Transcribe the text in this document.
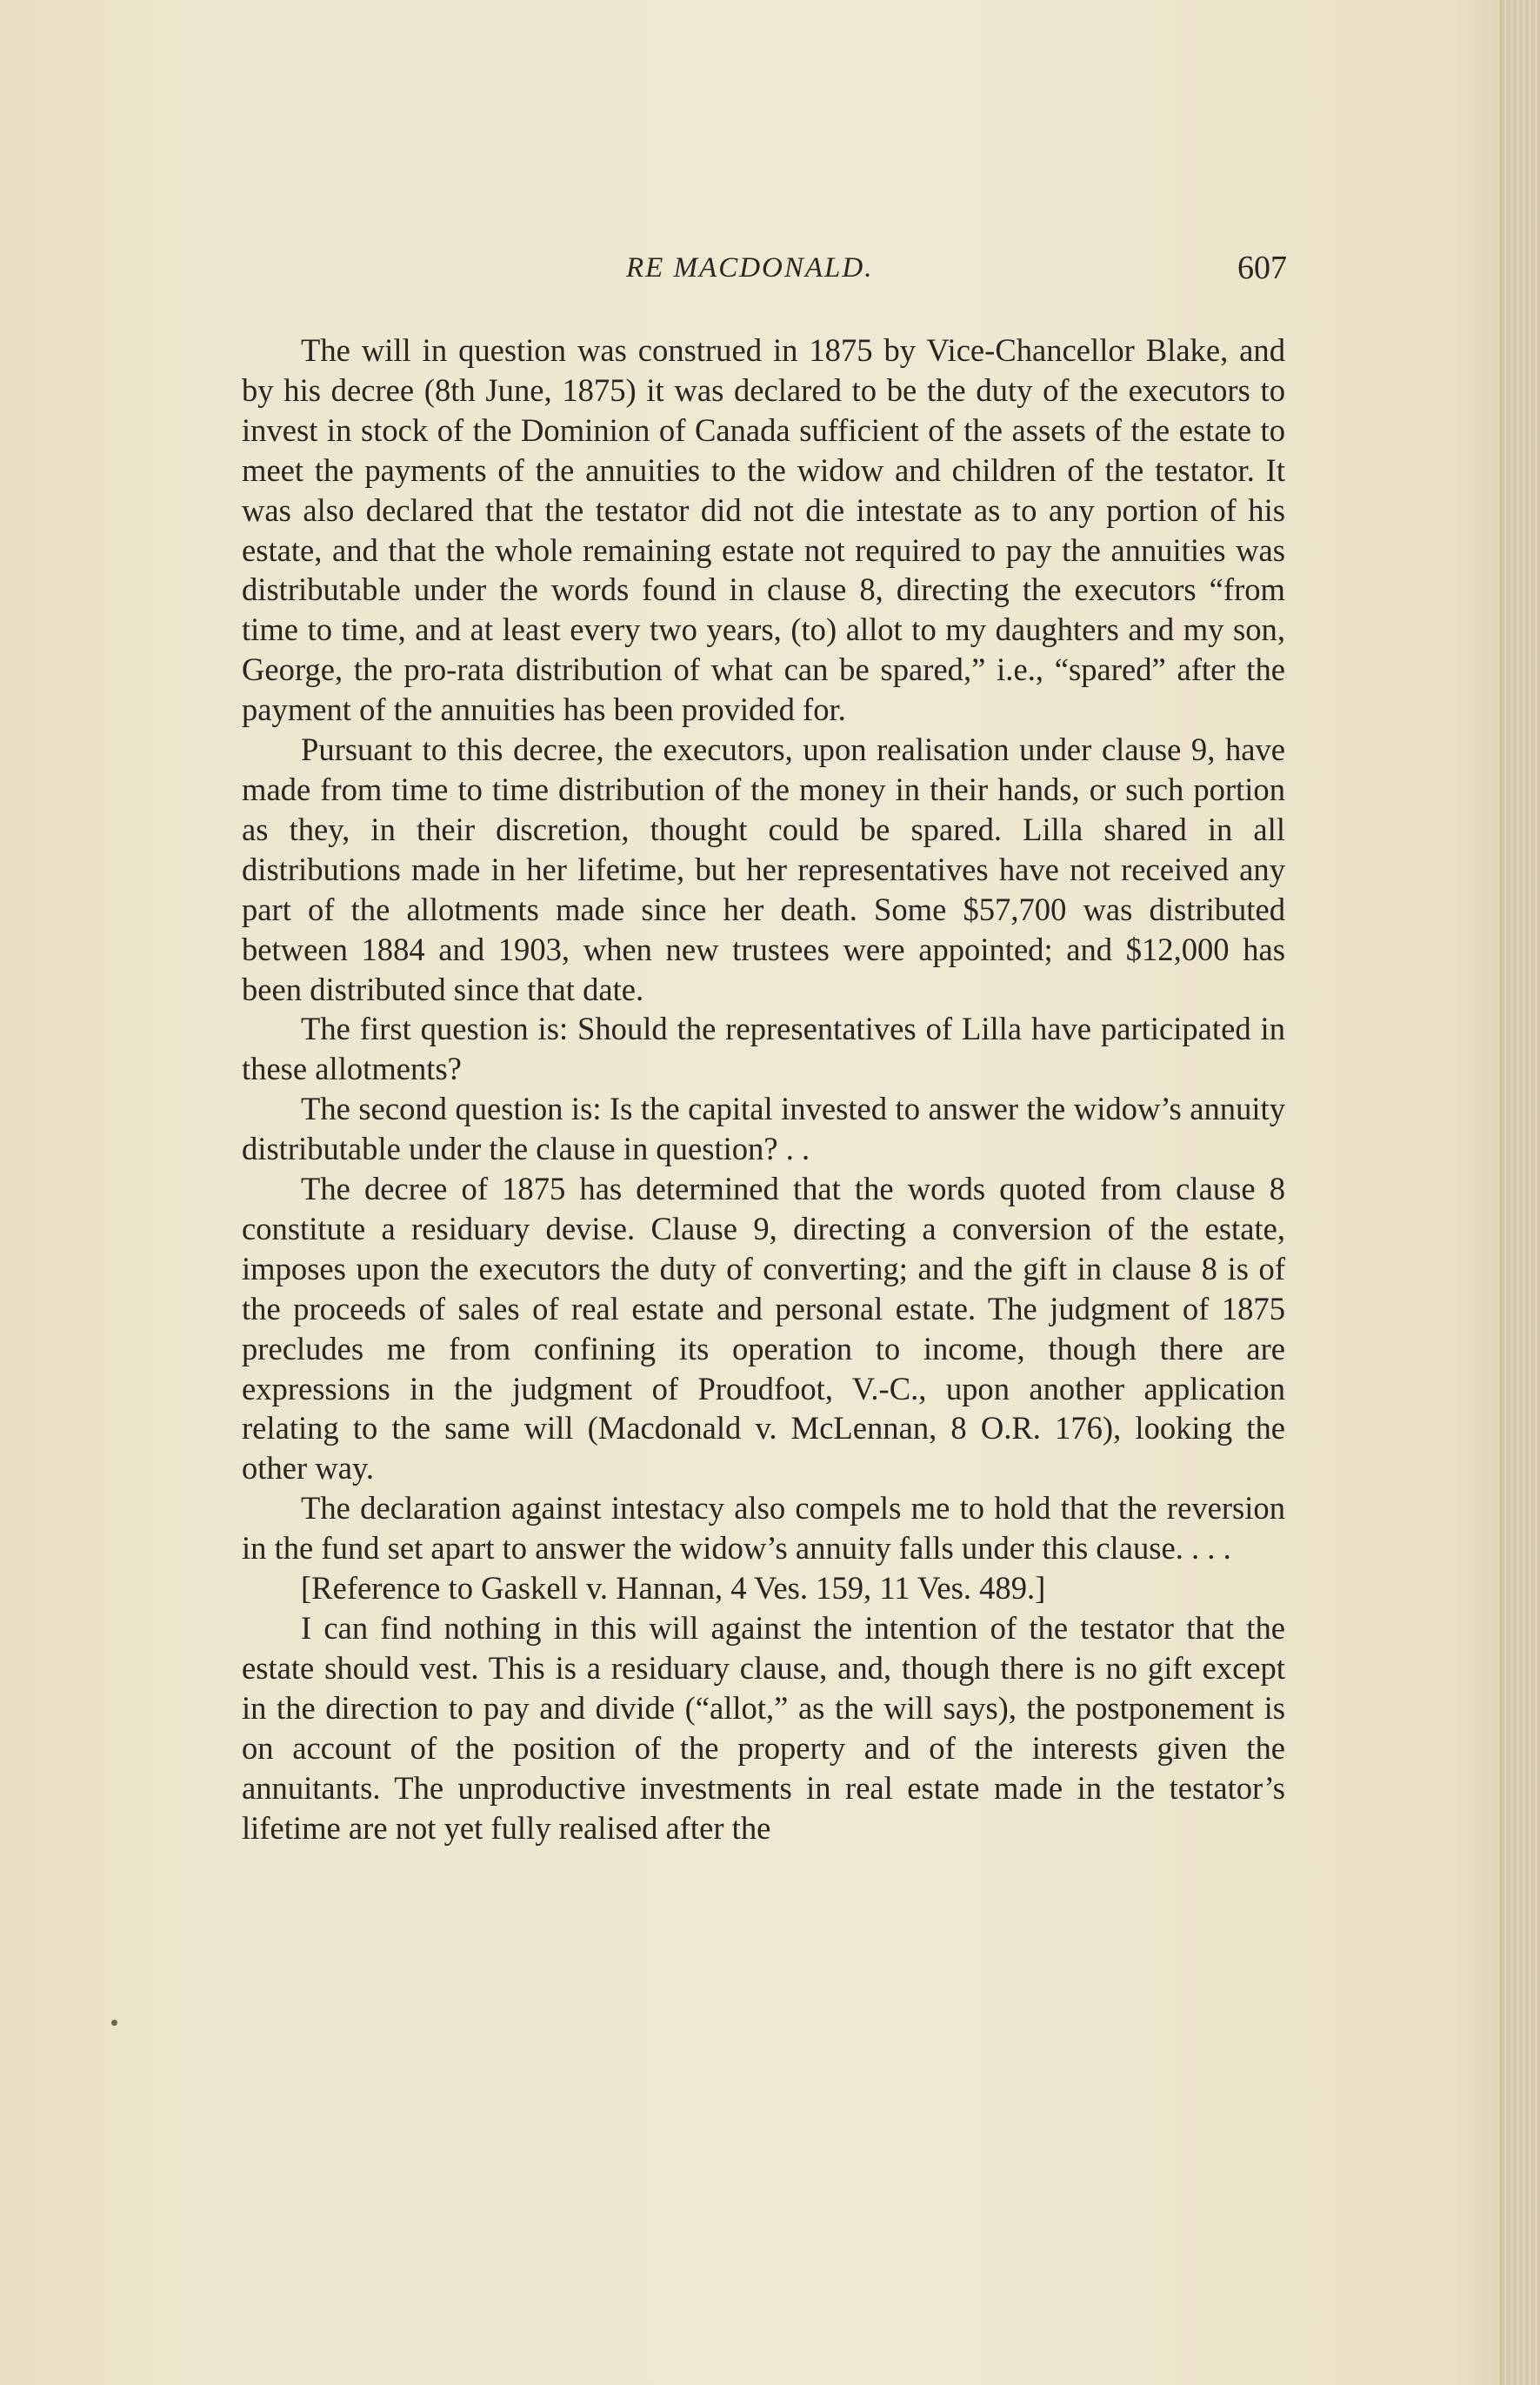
RE MACDONALD.	607

The will in question was construed in 1875 by Vice-Chancellor Blake, and by his decree (8th June, 1875) it was declared to be the duty of the executors to invest in stock of the Dominion of Canada sufficient of the assets of the estate to meet the payments of the annuities to the widow and children of the testator. It was also declared that the testator did not die intestate as to any portion of his estate, and that the whole remaining estate not required to pay the annuities was distributable under the words found in clause 8, directing the executors “from time to time, and at least every two years, (to) allot to my daughters and my son, George, the pro-rata distribution of what can be spared,” i.e., “spared” after the payment of the annuities has been provided for.

Pursuant to this decree, the executors, upon realisation under clause 9, have made from time to time distribution of the money in their hands, or such portion as they, in their discretion, thought could be spared. Lilla shared in all distributions made in her lifetime, but her representatives have not received any part of the allotments made since her death. Some $57,700 was distributed between 1884 and 1903, when new trustees were appointed; and $12,000 has been distributed since that date.

The first question is: Should the representatives of Lilla have participated in these allotments?

The second question is: Is the capital invested to answer the widow’s annuity distributable under the clause in question? . .

The decree of 1875 has determined that the words quoted from clause 8 constitute a residuary devise. Clause 9, directing a conversion of the estate, imposes upon the executors the duty of converting; and the gift in clause 8 is of the proceeds of sales of real estate and personal estate. The judgment of 1875 precludes me from confining its operation to income, though there are expressions in the judgment of Proudfoot, V.-C., upon another application relating to the same will (Macdonald v. McLennan, 8 O.R. 176), looking the other way.

The declaration against intestacy also compels me to hold that the reversion in the fund set apart to answer the widow’s annuity falls under this clause. . . .

[Reference to Gaskell v. Hannan, 4 Ves. 159, 11 Ves. 489.]

I can find nothing in this will against the intention of the testator that the estate should vest. This is a residuary clause, and, though there is no gift except in the direction to pay and divide (“allot,” as the will says), the postponement is on account of the position of the property and of the interests given the annuitants. The unproductive investments in real estate made in the testator’s lifetime are not yet fully realised after the
